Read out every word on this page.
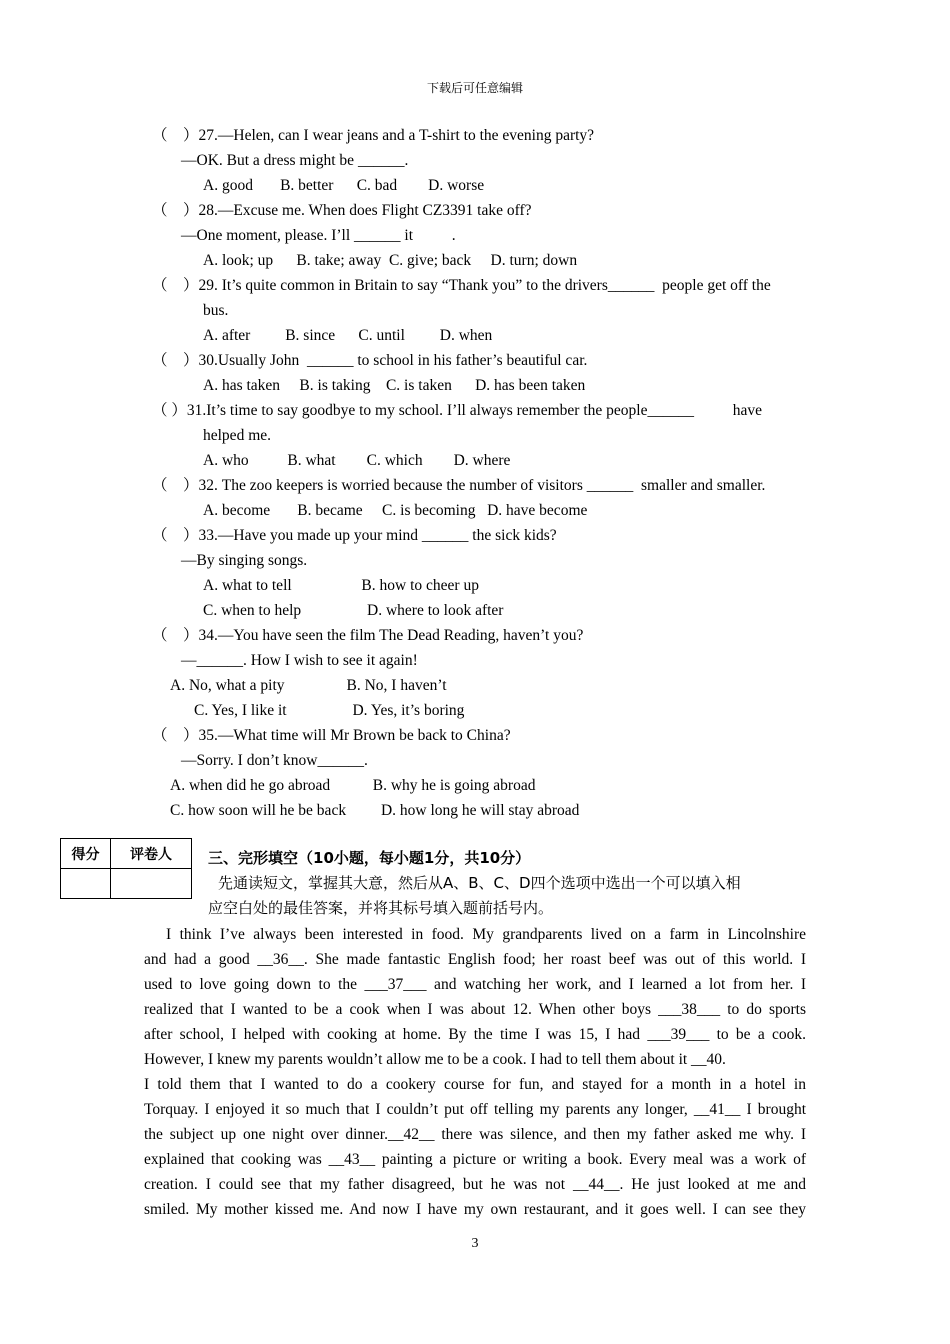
下载后可任意编辑
（　）27.—Helen, can I wear jeans and a T-shirt to the evening party?
—OK. But a dress might be ______.
A. good       B. better      C. bad        D. worse
（　）28.—Excuse me. When does Flight CZ3391 take off?
—One moment, please. I’ll ______ it          .
A. look; up      B. take; away  C. give; back     D. turn; down
（　）29. It’s quite common in Britain to say “Thank you” to the drivers______  people get off the
bus.
A. after         B. since      C. until         D. when
（　）30.Usually John  ______ to school in his father’s beautiful car.
A. has taken     B. is taking    C. is taken      D. has been taken
（ ）31.It’s time to say goodbye to my school. I’ll always remember the people______          have
helped me.
A. who          B. what        C. which        D. where
（　）32. The zoo keepers is worried because the number of visitors ______  smaller and smaller.
A. become       B. became     C. is becoming   D. have become
（　）33.—Have you made up your mind ______ the sick kids?
—By singing songs.
A. what to tell                  B. how to cheer up
C. when to help                 D. where to look after
（　）34.—You have seen the film The Dead Reading, haven’t you?
—______. How I wish to see it again!
A. No, what a pity                B. No, I haven’t
C. Yes, I like it                 D. Yes, it’s boring
（　）35.—What time will Mr Brown be back to China?
—Sorry. I don’t know______.
A. when did he go abroad           B. why he is going abroad
C. how soon will he be back         D. how long he will stay abroad
得分	评卷人
	三、完形填空（10小题，每小题1分，共10分）
先通读短文，掌握其大意，然后从A、B、C、D四个选项中选出一个可以填入相
应空白处的最佳答案，并将其标号填入题前括号内。
I think I’ve always been interested in food. My grandparents lived on a farm in Lincolnshire
and had a good __36__. She made fantastic English food; her roast beef was out of this world. I
used to love going down to the ___37___ and watching her work, and I learned a lot from her. I
realized that I wanted to be a cook when I was about 12. When other boys ___38___ to do sports
after school, I helped with cooking at home. By the time I was 15, I had ___39___ to be a cook.
However, I knew my parents wouldn’t allow me to be a cook. I had to tell them about it __40.
I told them that I wanted to do a cookery course for fun, and stayed for a month in a hotel in
Torquay. I enjoyed it so much that I couldn’t put off telling my parents any longer, __41__ I brought
the subject up one night over dinner.__42__ there was silence, and then my father asked me why. I
explained that cooking was __43__ painting a picture or writing a book. Every meal was a work of
creation. I could see that my father disagreed, but he was not __44__. He just looked at me and
smiled. My mother kissed me. And now I have my own restaurant, and it goes well. I can see they
3
